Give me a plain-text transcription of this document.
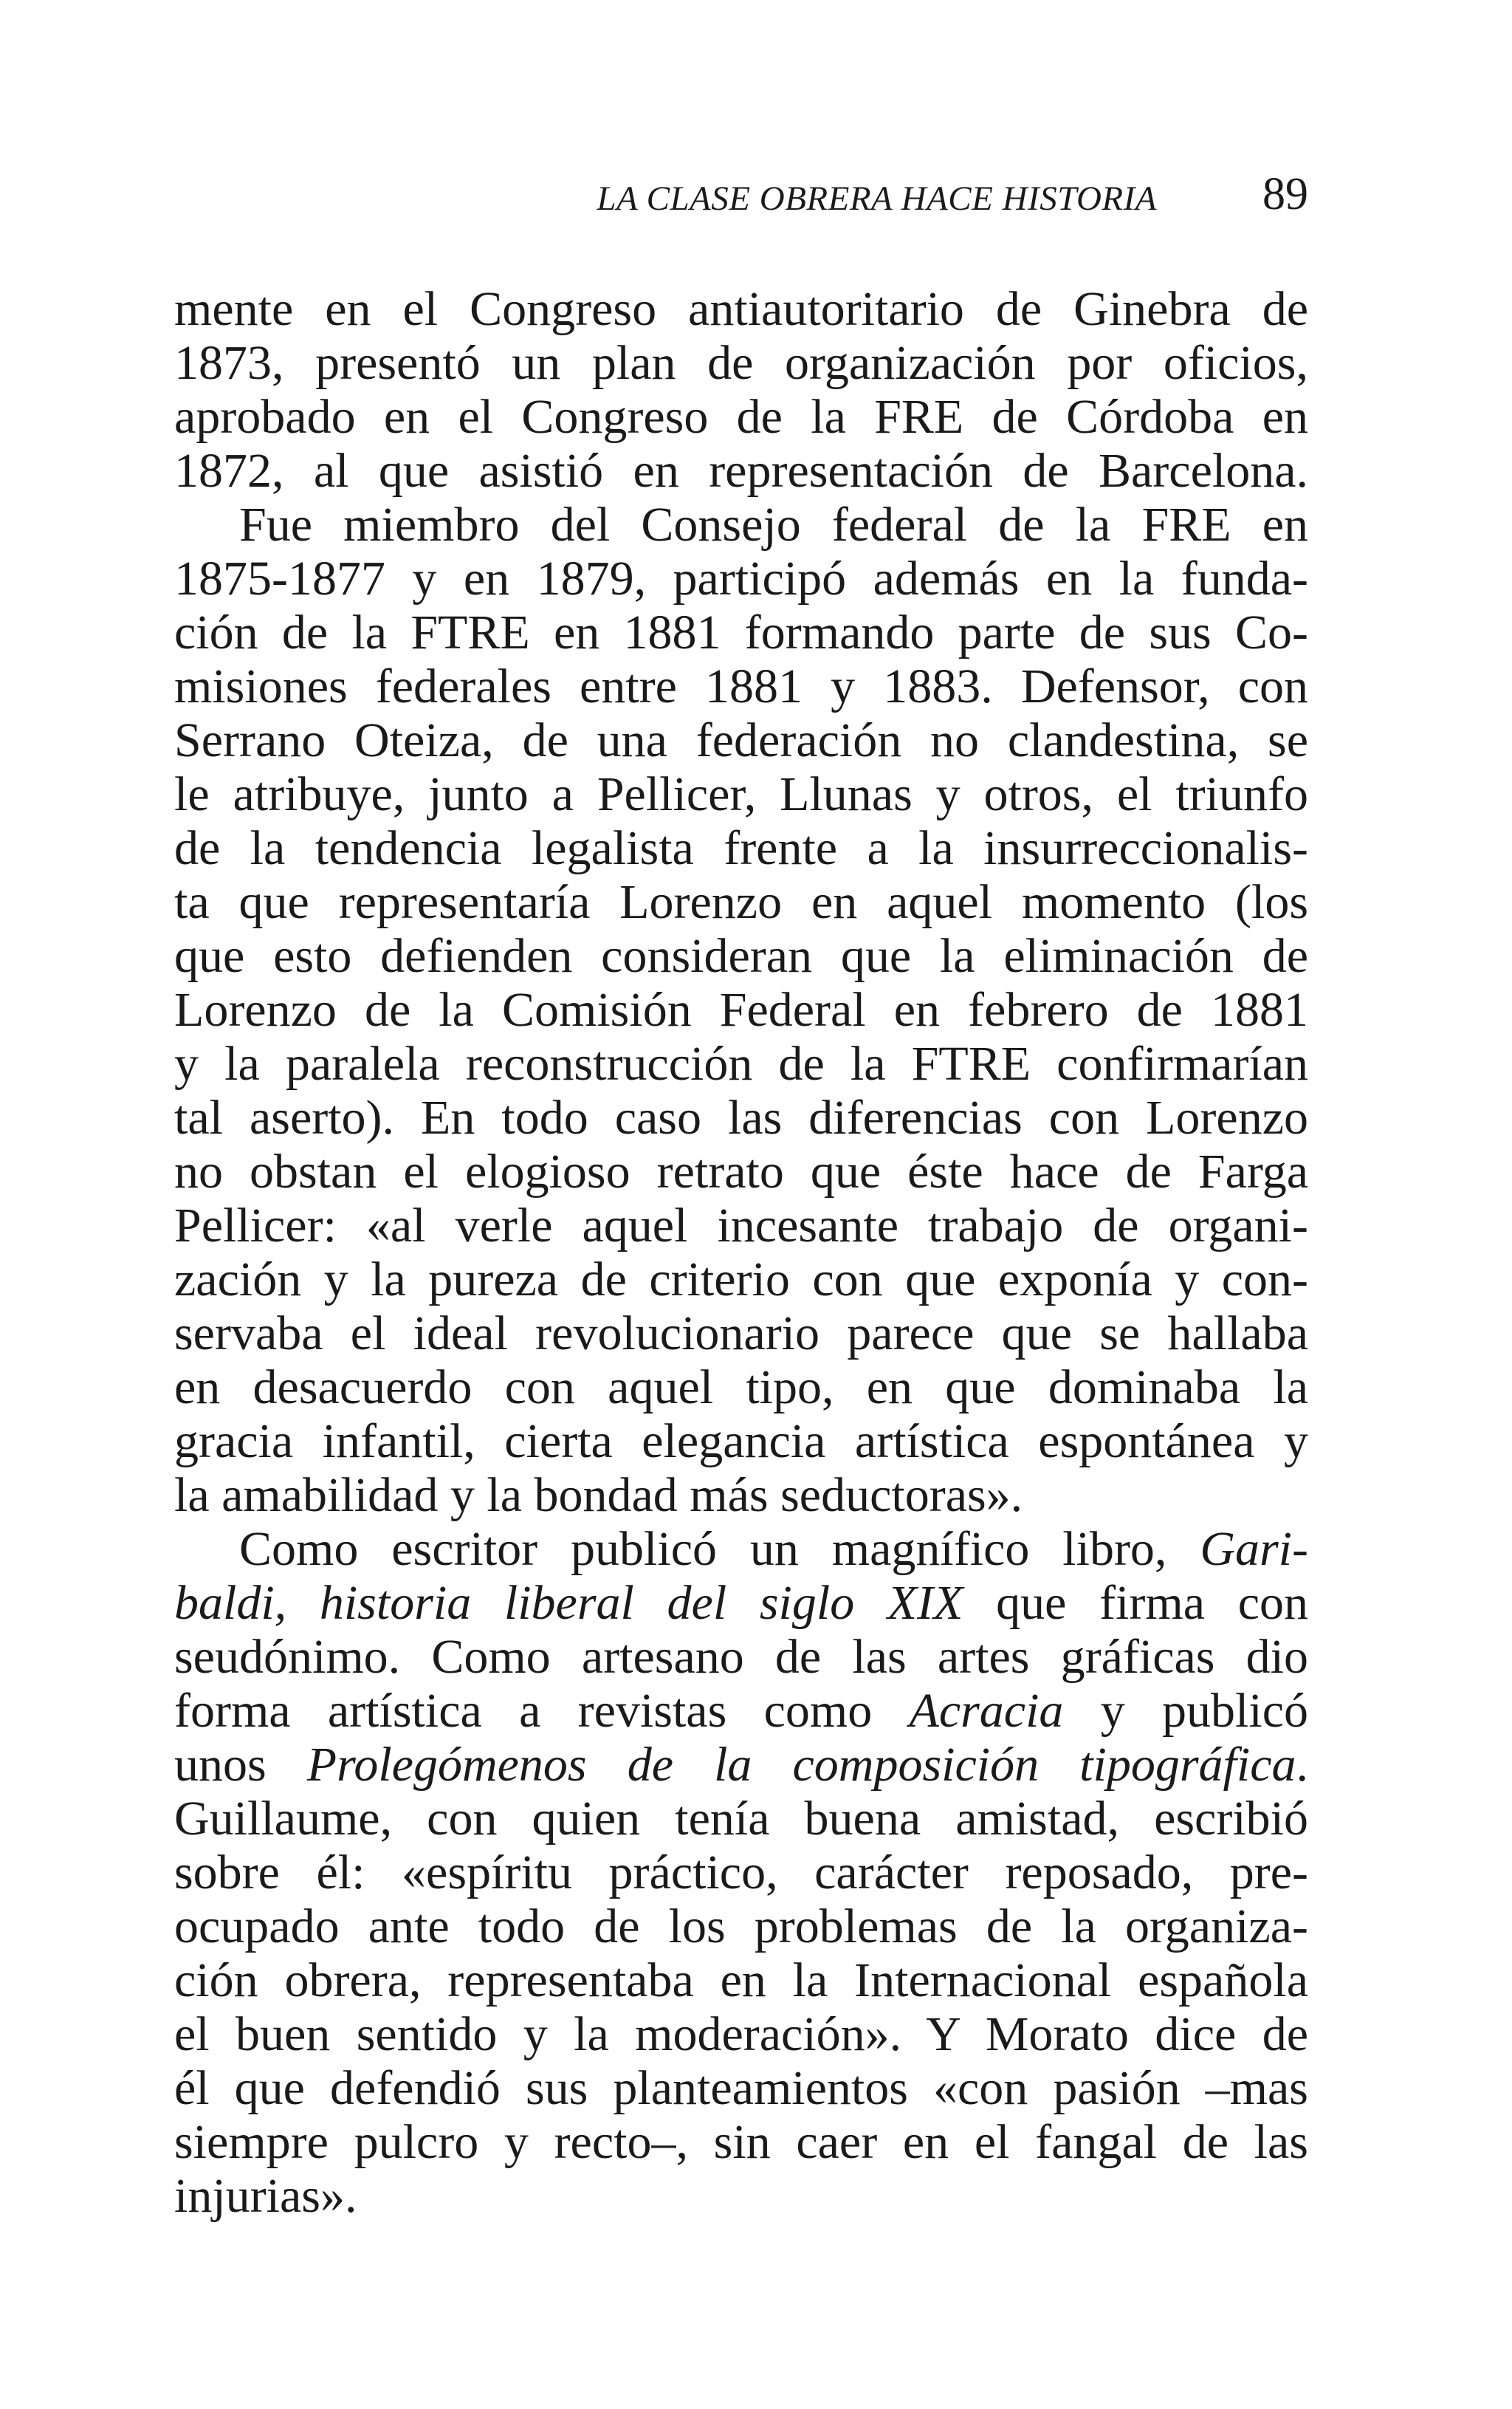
LA CLASE OBRERA HACE HISTORIA 89
mente en el Congreso antiautoritario de Ginebra de
1873, presentó un plan de organización por oficios,
aprobado en el Congreso de la FRE de Córdoba en
1872, al que asistió en representación de Barcelona.
Fue miembro del Consejo federal de la FRE en
1875-1877 y en 1879, participó además en la funda-
ción de la FTRE en 1881 formando parte de sus Co-
misiones federales entre 1881 y 1883. Defensor, con
Serrano Oteiza, de una federación no clandestina, se
le atribuye, junto a Pellicer, Llunas y otros, el triunfo
de la tendencia legalista frente a la insurreccionalis-
ta que representaría Lorenzo en aquel momento (los
que esto defienden consideran que la eliminación de
Lorenzo de la Comisión Federal en febrero de 1881
y la paralela reconstrucción de la FTRE confirmarían
tal aserto). En todo caso las diferencias con Lorenzo
no obstan el elogioso retrato que éste hace de Farga
Pellicer: «al verle aquel incesante trabajo de organi-
zación y la pureza de criterio con que exponía y con-
servaba el ideal revolucionario parece que se hallaba
en desacuerdo con aquel tipo, en que dominaba la
gracia infantil, cierta elegancia artística espontánea y
la amabilidad y la bondad más seductoras».
Como escritor publicó un magnífico libro, Gari-
baldi, historia liberal del siglo XIX que firma con
seudónimo. Como artesano de las artes gráficas dio
forma artística a revistas como Acracia y publicó
unos Prolegómenos de la composición tipográfica.
Guillaume, con quien tenía buena amistad, escribió
sobre él: «espíritu práctico, carácter reposado, pre-
ocupado ante todo de los problemas de la organiza-
ción obrera, representaba en la Internacional española
el buen sentido y la moderación». Y Morato dice de
él que defendió sus planteamientos «con pasión –mas
siempre pulcro y recto–, sin caer en el fangal de las
injurias».
